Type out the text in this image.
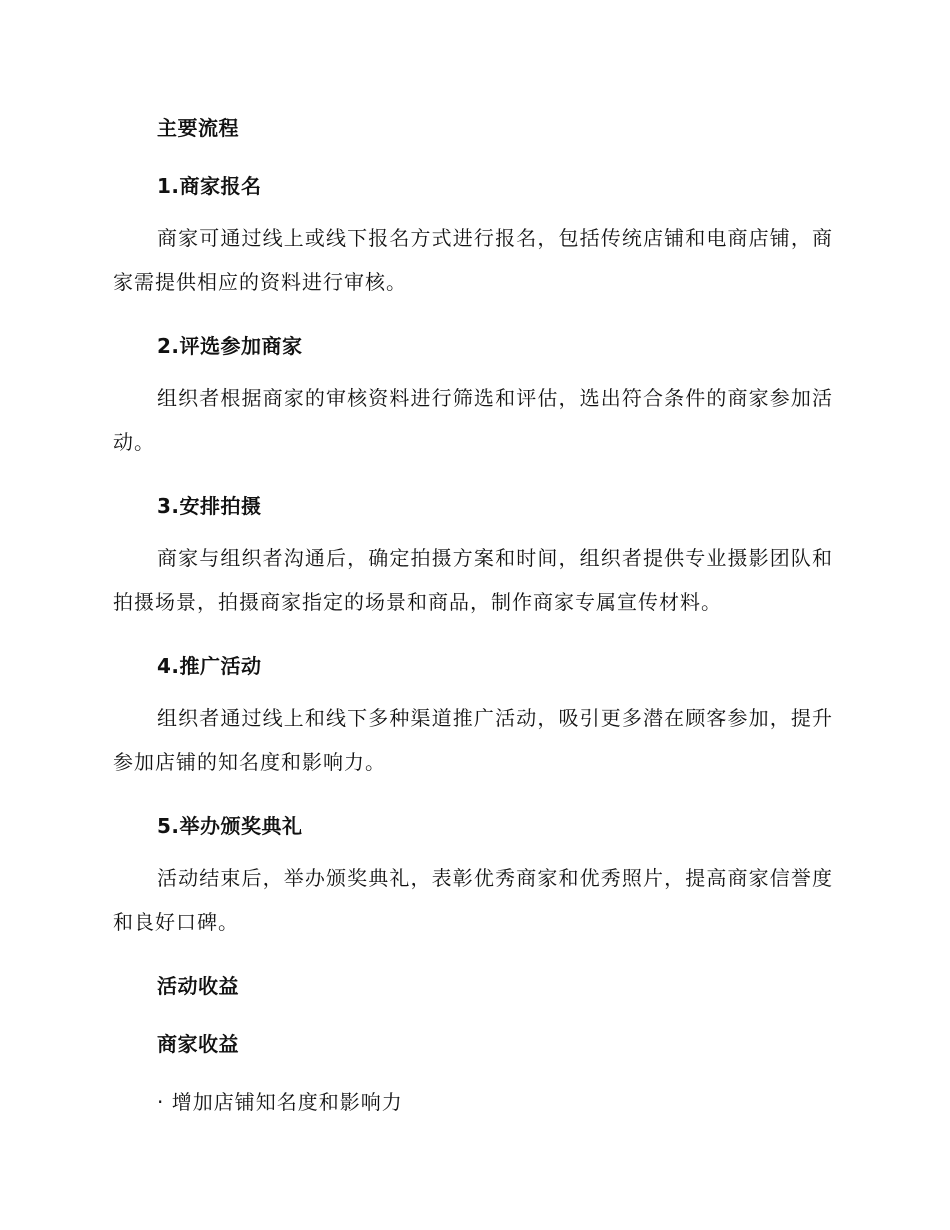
主要流程

1.商家报名

商家可通过线上或线下报名方式进行报名，包括传统店铺和电商店铺，商家需提供相应的资料进行审核。

2.评选参加商家

组织者根据商家的审核资料进行筛选和评估，选出符合条件的商家参加活动。

3.安排拍摄

商家与组织者沟通后，确定拍摄方案和时间，组织者提供专业摄影团队和拍摄场景，拍摄商家指定的场景和商品，制作商家专属宣传材料。

4.推广活动

组织者通过线上和线下多种渠道推广活动，吸引更多潜在顾客参加，提升参加店铺的知名度和影响力。

5.举办颁奖典礼

活动结束后，举办颁奖典礼，表彰优秀商家和优秀照片，提高商家信誉度和良好口碑。

活动收益

商家收益

· 增加店铺知名度和影响力
